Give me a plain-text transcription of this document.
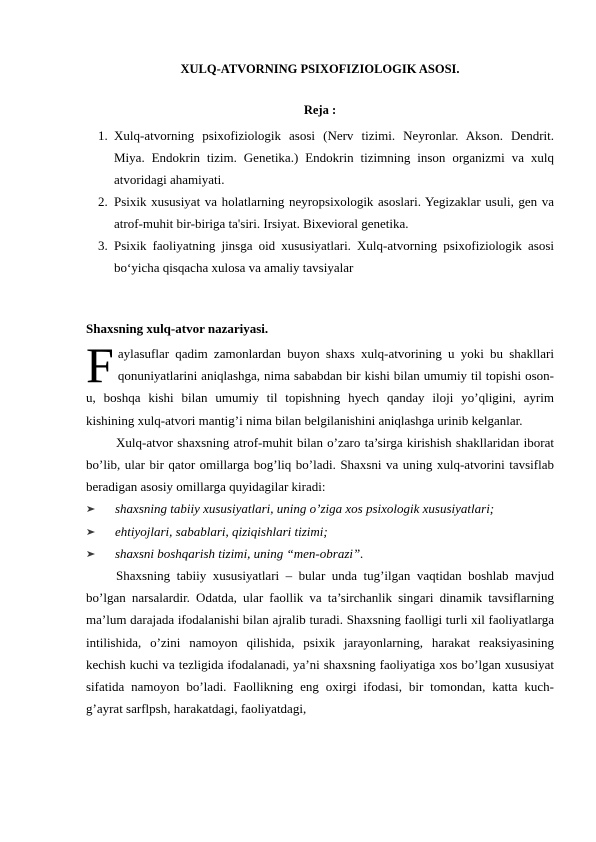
XULQ-ATVORNING PSIXOFIZIOLOGIK ASOSI.
Reja :
1. Xulq-atvorning psixofiziologik asosi (Nerv tizimi. Neyronlar. Akson. Dendrit. Miya. Endokrin tizim. Genetika.) Endokrin tizimning inson organizmi va xulq atvoridagi ahamiyati.
2. Psixik xususiyat va holatlarning neyropsixologik asoslari. Yegizaklar usuli, gen va atrof-muhit bir-biriga ta'siri. Irsiyat. Bixevioral genetika.
3. Psixik faoliyatning jinsga oid xususiyatlari. Xulq-atvorning psixofiziologik asosi bo‘yicha qisqacha xulosa va amaliy tavsiyalar
Shaxsning xulq-atvor nazariyasi.

Faylasuflar qadim zamonlardan buyon shaxs xulq-atvorining u yoki bu shakllari qonuniyatlarini aniqlashga, nima sababdan bir kishi bilan umumiy til topishi oson-u, boshqa kishi bilan umumiy til topishning hyech qanday iloji yo’qligini, ayrim kishining xulq-atvori mantig’i nima bilan belgilanishini aniqlashga urinib kelganlar.

Xulq-atvor shaxsning atrof-muhit bilan o’zaro ta’sirga kirishish shakllaridan iborat bo’lib, ular bir qator omillarga bog’liq bo’ladi. Shaxsni va uning xulq-atvorini tavsiflab beradigan asosiy omillarga quyidagilar kiradi:

shaxsning tabiiy xususiyatlari, uning o’ziga xos psixologik xususiyatlari;
ehtiyojlari, sabablari, qiziqishlari tizimi;
shaxsni boshqarish tizimi, uning “men-obrazi”.

Shaxsning tabiiy xususiyatlari – bular unda tug’ilgan vaqtidan boshlab mavjud bo’lgan narsalardir. Odatda, ular faollik va ta’sirchanlik singari dinamik tavsiflarning ma’lum darajada ifodalanishi bilan ajralib turadi. Shaxsning faolligi turli xil faoliyatlarga intilishida, o’zini namoyon qilishida, psixik jarayonlarning, harakat reaksiyasining kechish kuchi va tezligida ifodalanadi, ya’ni shaxsning faoliyatiga xos bo’lgan xususiyat sifatida namoyon bo’ladi. Faollikning eng oxirgi ifodasi, bir tomondan, katta kuch-g’ayrat sarflpsh, harakatdagi, faoliyatdagi,
